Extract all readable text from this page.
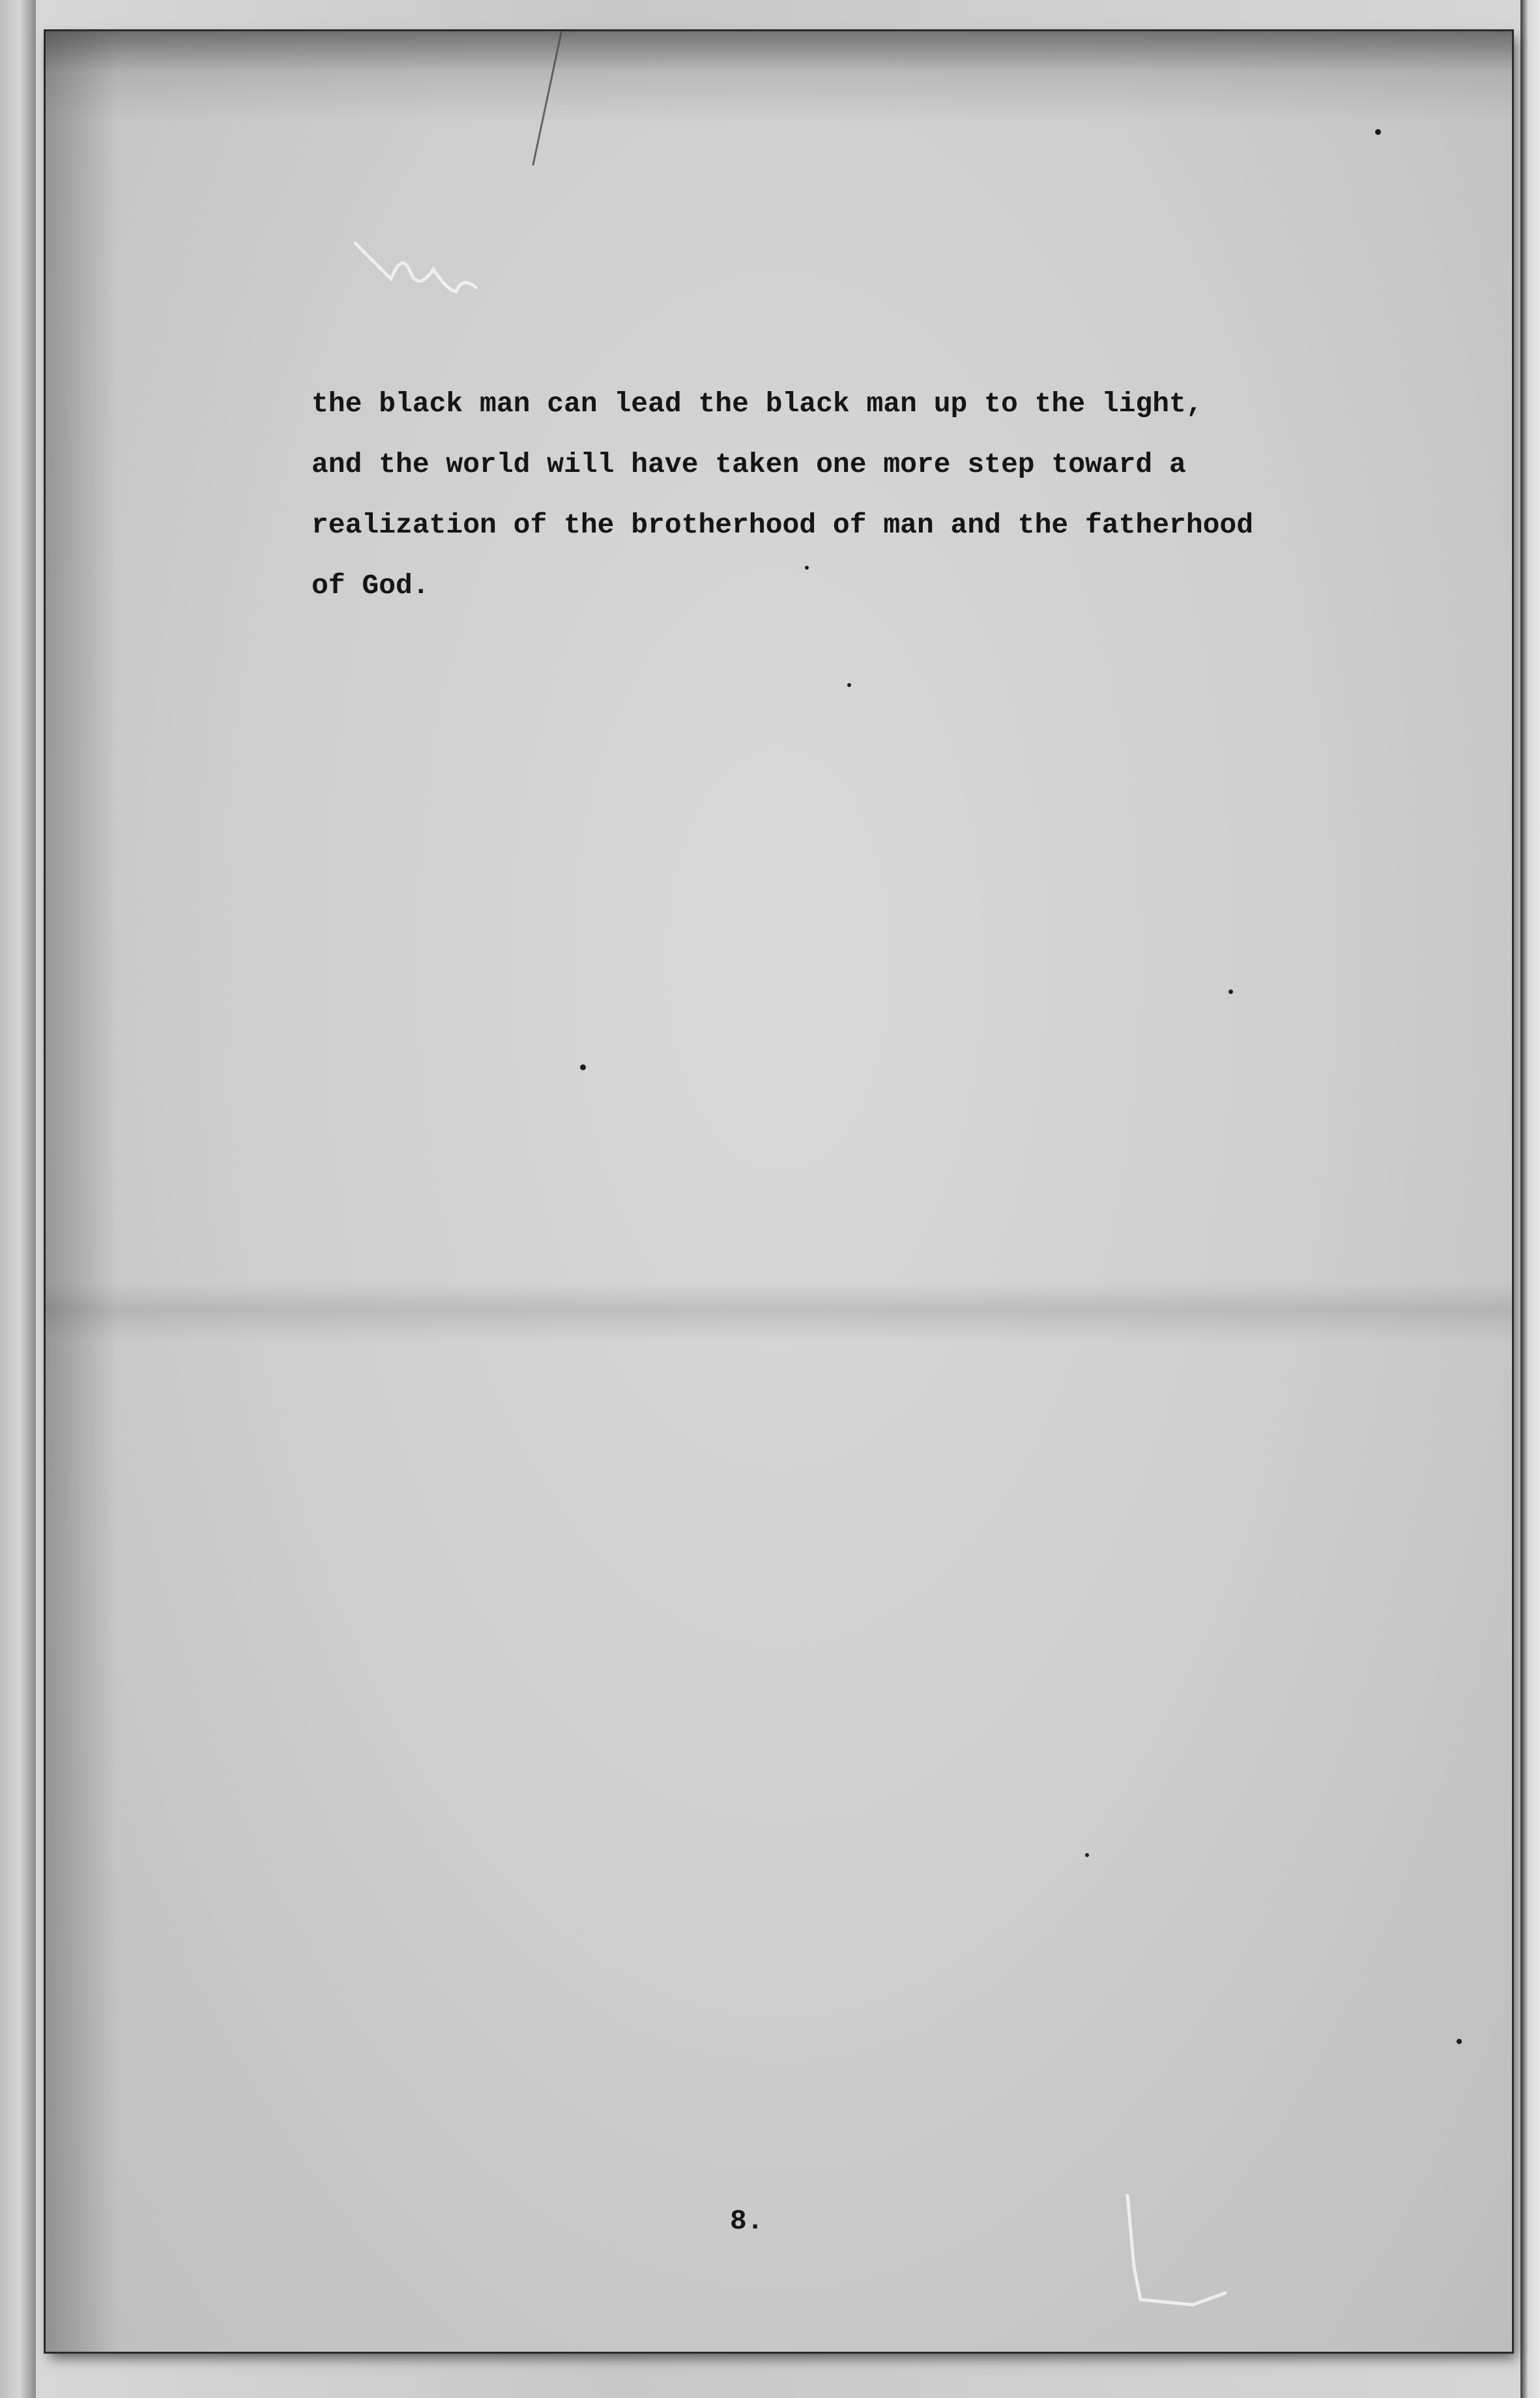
the black man can lead the black man up to the light,
and the world will have taken one more step toward a
realization of the brotherhood of man and the fatherhood
of God.

8.
